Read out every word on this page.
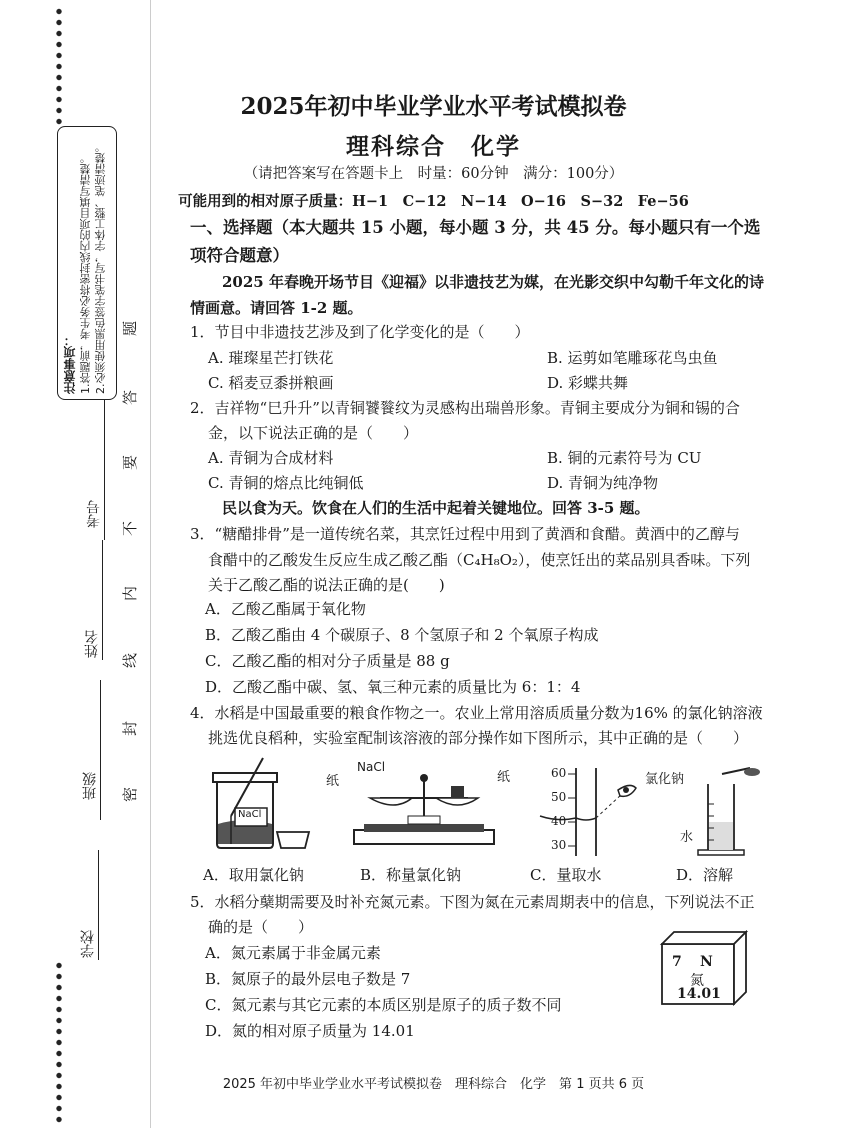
注意事项： 1.答题前，考生务必将密封线内的项目填写清楚。 2.必须使用黑色签字笔书写，字体工整、笔迹清楚。
学校
班级
姓名
考号
题
答
要
不
内
线
封
密
2025年初中毕业学业水平考试模拟卷
理科综合　化学
（请把答案写在答题卡上　时量：60分钟　满分：100分）
可能用到的相对原子质量：H−1　C−12　N−14　O−16　S−32　Fe−56
一、选择题（本大题共 15 小题，每小题 3 分，共 45 分。每小题只有一个选
项符合题意）
2025 年春晚开场节目《迎福》以非遗技艺为媒，在光影交织中勾勒千年文化的诗
情画意。请回答 1-2 题。
1．节目中非遗技艺涉及到了化学变化的是（　　）
A. 璀璨星芒打铁花	B. 运剪如笔雕琢花鸟虫鱼
C. 稻麦豆黍拼粮画	D. 彩蝶共舞
2．吉祥物“巳升升”以青铜饕餮纹为灵感构出瑞兽形象。青铜主要成分为铜和锡的合
金，以下说法正确的是（　　）
A. 青铜为合成材料	B. 铜的元素符号为 CU
C. 青铜的熔点比纯铜低	D. 青铜为纯净物
民以食为天。饮食在人们的生活中起着关键地位。回答 3-5 题。
3．“糖醋排骨”是一道传统名菜，其烹饪过程中用到了黄酒和食醋。黄酒中的乙醇与
食醋中的乙酸发生反应生成乙酸乙酯（C₄H₈O₂），使烹饪出的菜品别具香味。下列
关于乙酸乙酯的说法正确的是(　　)
A．乙酸乙酯属于氧化物
B．乙酸乙酯由 4 个碳原子、8 个氢原子和 2 个氧原子构成
C．乙酸乙酯的相对分子质量是 88 g
D．乙酸乙酯中碳、氢、氧三种元素的质量比为 6：1：4
4．水稻是中国最重要的粮食作物之一。农业上常用溶质质量分数为16% 的氯化钠溶液
挑选优良稻种，实验室配制该溶液的部分操作如下图所示，其中正确的是（　　）
NaCl
纸
NaCl
纸	60
50
40
30
氯化钠
水
A．取用氯化钠	B．称量氯化钠	C．量取水	D．溶解
5．水稻分蘖期需要及时补充氮元素。下图为氮在元素周期表中的信息，下列说法不正
确的是（　　）
A．氮元素属于非金属元素
B．氮原子的最外层电子数是 7
C．氮元素与其它元素的本质区别是原子的质子数不同
D．氮的相对原子质量为 14.01
7 N
氮
14.01
2025 年初中毕业学业水平考试模拟卷　理科综合　化学　第 1 页共 6 页
